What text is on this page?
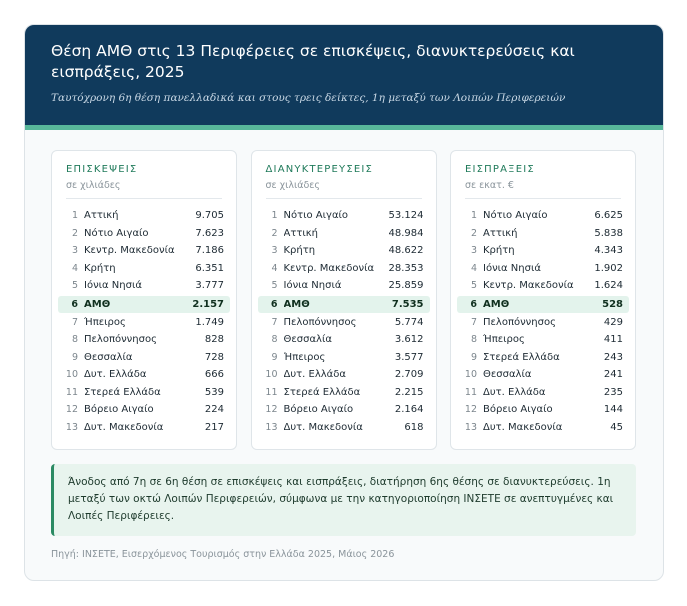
Θέση ΑΜΘ στις 13 Περιφέρειες σε επισκέψεις, διανυκτερεύσεις και εισπράξεις, 2025
Ταυτόχρονη 6η θέση πανελλαδικά και στους τρεις δείκτες, 1η μεταξύ των Λοιπών Περιφερειών
ΕΠΙΣΚΕΨΕΙΣ
σε χιλιάδες
1 Αττική	9.705
2 Νότιο Αιγαίο	7.623
3 Κεντρ. Μακεδονία	7.186
4 Κρήτη	6.351
5 Ιόνια Νησιά	3.777
6 ΑΜΘ	2.157
7 Ήπειρος	1.749
8 Πελοπόννησος	828
9 Θεσσαλία	728
10 Δυτ. Ελλάδα	666
11 Στερεά Ελλάδα	539
12 Βόρειο Αιγαίο	224
13 Δυτ. Μακεδονία	217
ΔΙΑΝΥΚΤΕΡΕΥΣΕΙΣ
σε χιλιάδες
1 Νότιο Αιγαίο	53.124
2 Αττική	48.984
3 Κρήτη	48.622
4 Κεντρ. Μακεδονία	28.353
5 Ιόνια Νησιά	25.859
6 ΑΜΘ	7.535
7 Πελοπόννησος	5.774
8 Θεσσαλία	3.612
9 Ήπειρος	3.577
10 Δυτ. Ελλάδα	2.709
11 Στερεά Ελλάδα	2.215
12 Βόρειο Αιγαίο	2.164
13 Δυτ. Μακεδονία	618
ΕΙΣΠΡΑΞΕΙΣ
σε εκατ. €
1 Νότιο Αιγαίο	6.625
2 Αττική	5.838
3 Κρήτη	4.343
4 Ιόνια Νησιά	1.902
5 Κεντρ. Μακεδονία	1.624
6 ΑΜΘ	528
7 Πελοπόννησος	429
8 Ήπειρος	411
9 Στερεά Ελλάδα	243
10 Θεσσαλία	241
11 Δυτ. Ελλάδα	235
12 Βόρειο Αιγαίο	144
13 Δυτ. Μακεδονία	45
Άνοδος από 7η σε 6η θέση σε επισκέψεις και εισπράξεις, διατήρηση 6ης θέσης σε διανυκτερεύσεις. 1η μεταξύ των οκτώ Λοιπών Περιφερειών, σύμφωνα με την κατηγοριοποίηση ΙΝΣΕΤΕ σε ανεπτυγμένες και Λοιπές Περιφέρειες.
Πηγή: ΙΝΣΕΤΕ, Εισερχόμενος Τουρισμός στην Ελλάδα 2025, Μάιος 2026
